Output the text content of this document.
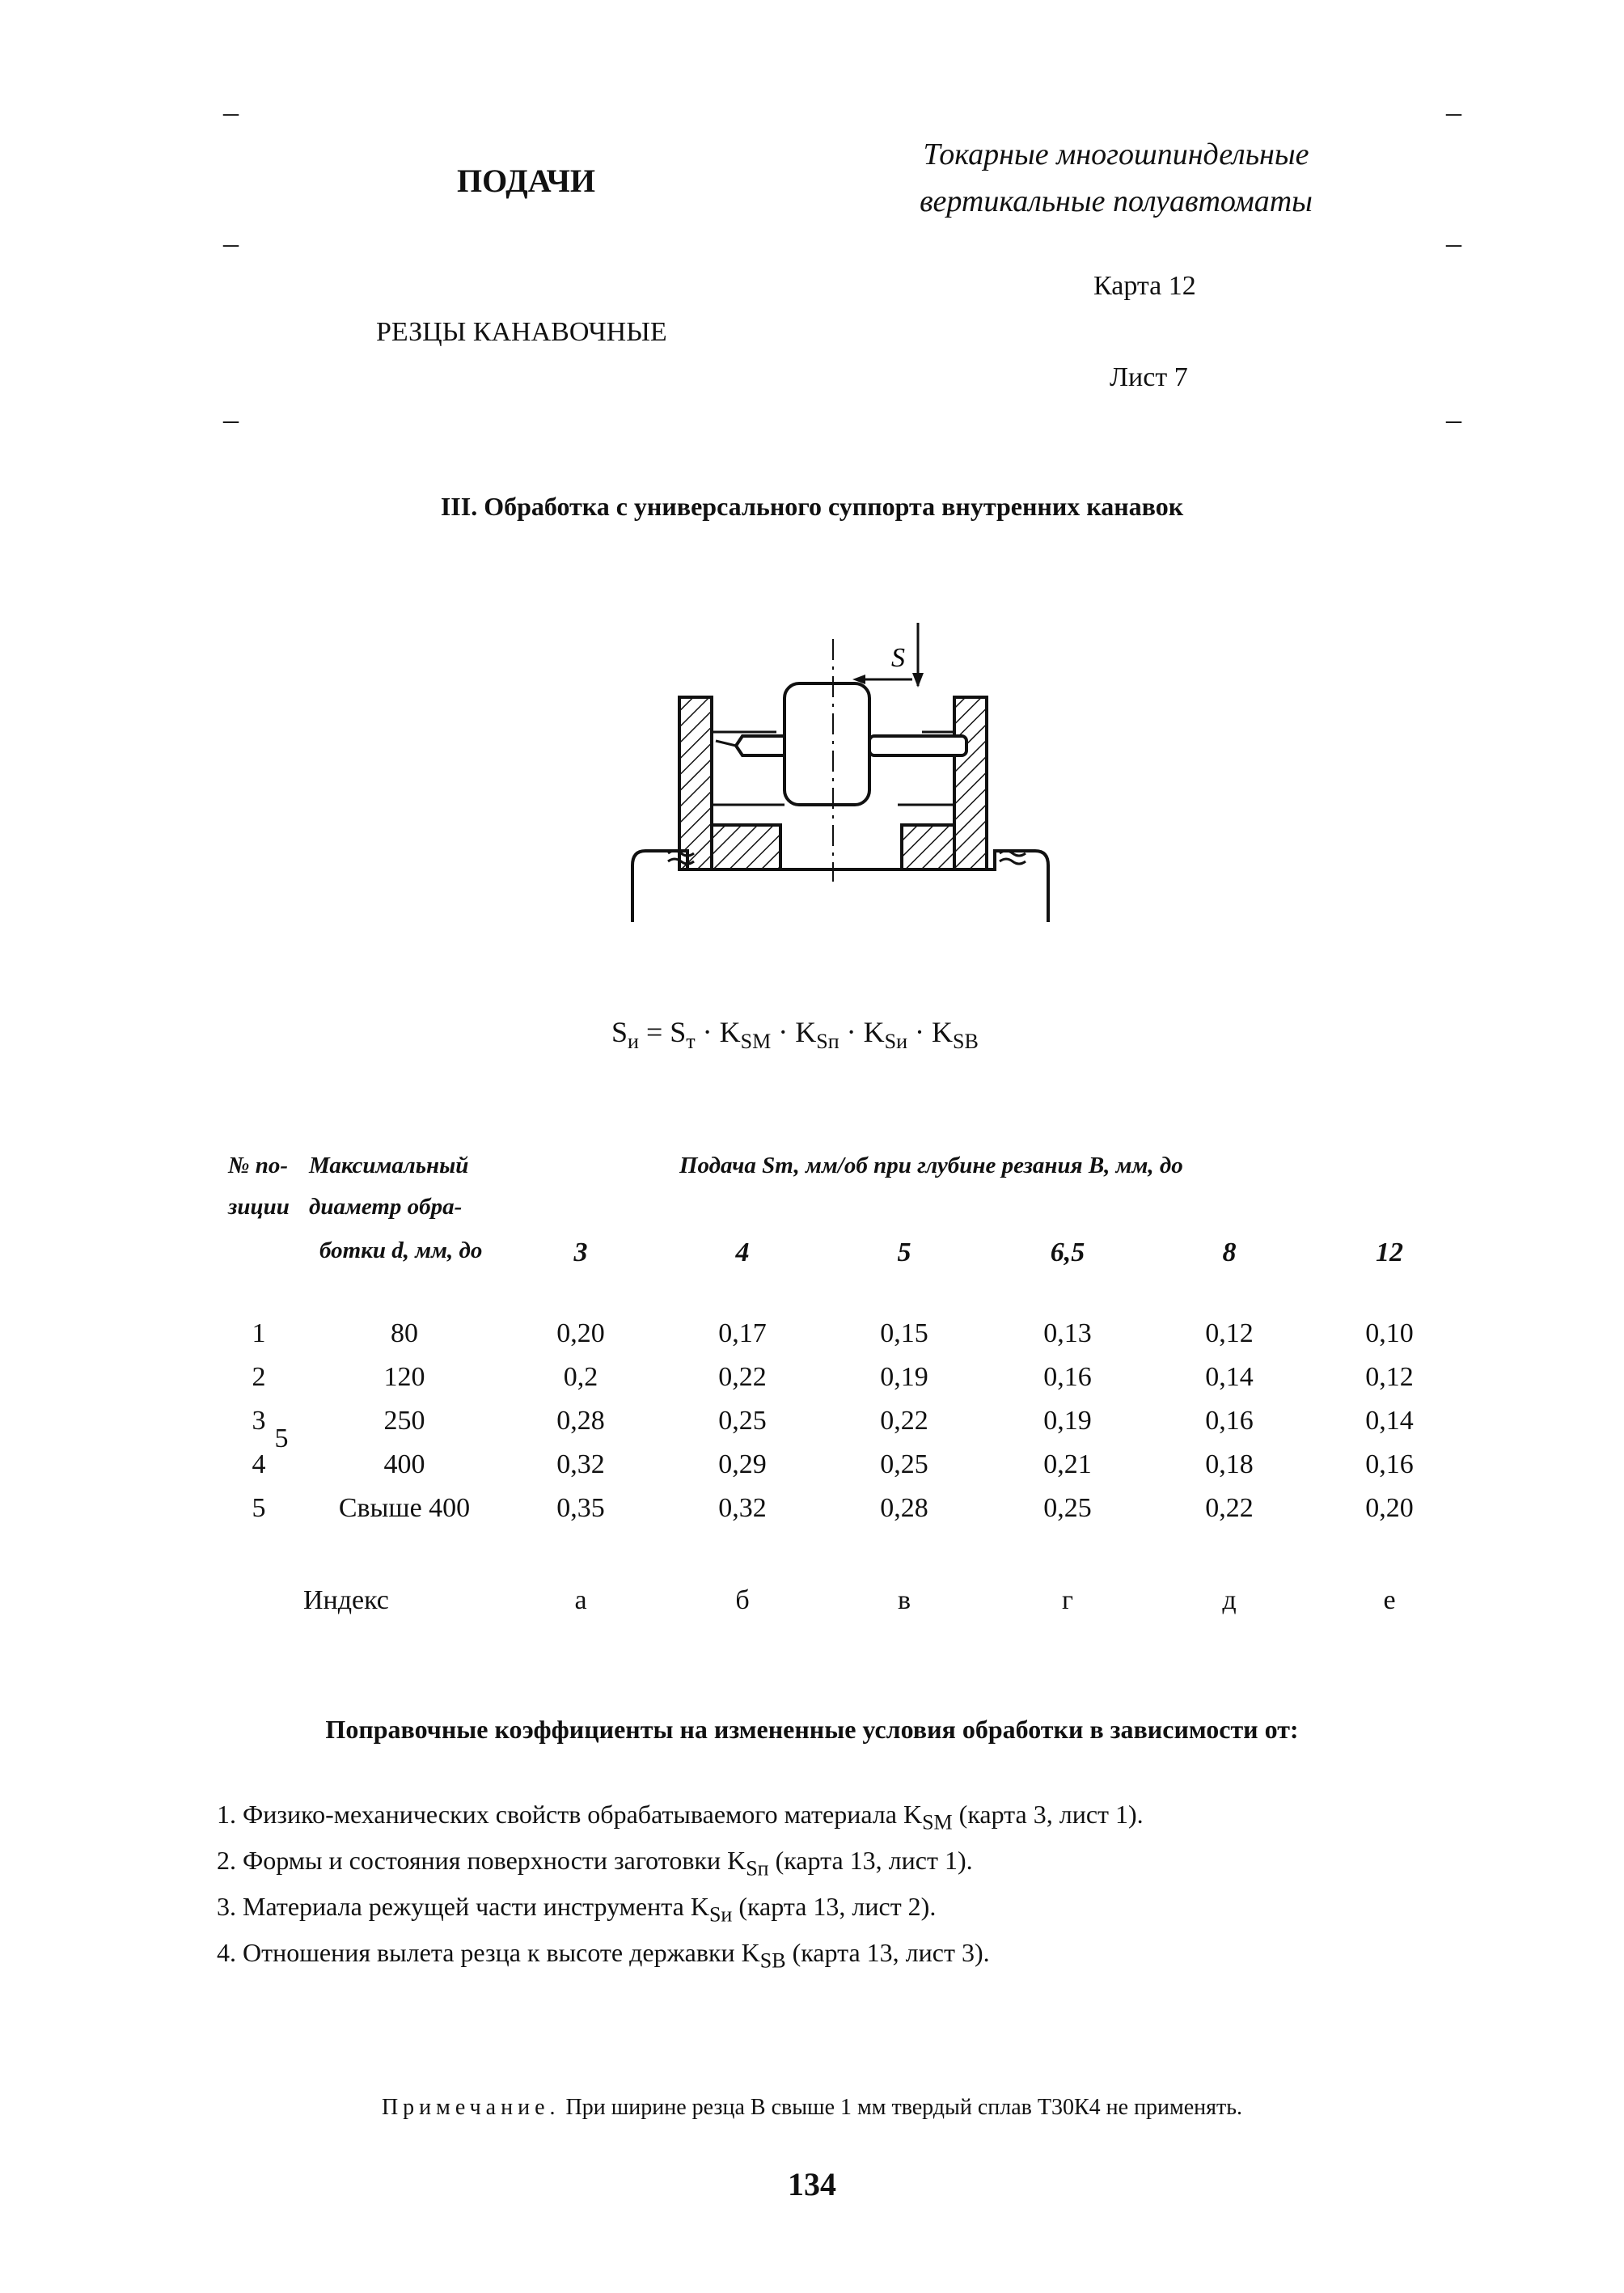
–	–
–	–
–	–
ПОДАЧИ
Токарные многошпиндельные
вертикальные полуавтоматы
Карта 12
РЕЗЦЫ КАНАВОЧНЫЕ
Лист 7
III. Обработка с универсального суппорта внутренних канавок
S
$S_и = S_т \cdot K_{SM} \cdot K_{Sп} \cdot K_{Sи} \cdot K_{SВ}$
№ по-
зиции
Максимальный
диаметр обра-
ботки d, мм, до
Подача Sт, мм/об при глубине резания B, мм, до
3	4	5	6,5	8	12
1	80	0,20	0,17	0,15	0,13	0,12	0,10
2	120	0,2	0,22	0,19	0,16	0,14	0,12
3	250	0,28	0,25	0,22	0,19	0,16	0,14
4	400	0,32	0,29	0,25	0,21	0,18	0,16
5	Свыше 400	0,35	0,32	0,28	0,25	0,22	0,20
5
Индекс	а	б	в	г	д	е
Поправочные коэффициенты на измененные условия обработки в зависимости от:
1. Физико-механических свойств обрабатываемого материала $K_{SM}$ (карта 3, лист 1).
2. Формы и состояния поверхности заготовки $K_{Sп}$ (карта 13, лист 1).
3. Материала режущей части инструмента $K_{Sи}$ (карта 13, лист 2).
4. Отношения вылета резца к высоте державки $K_{SВ}$ (карта 13, лист 3).
Примечание. При ширине резца B свыше 1 мм твердый сплав Т30К4 не применять.
134
